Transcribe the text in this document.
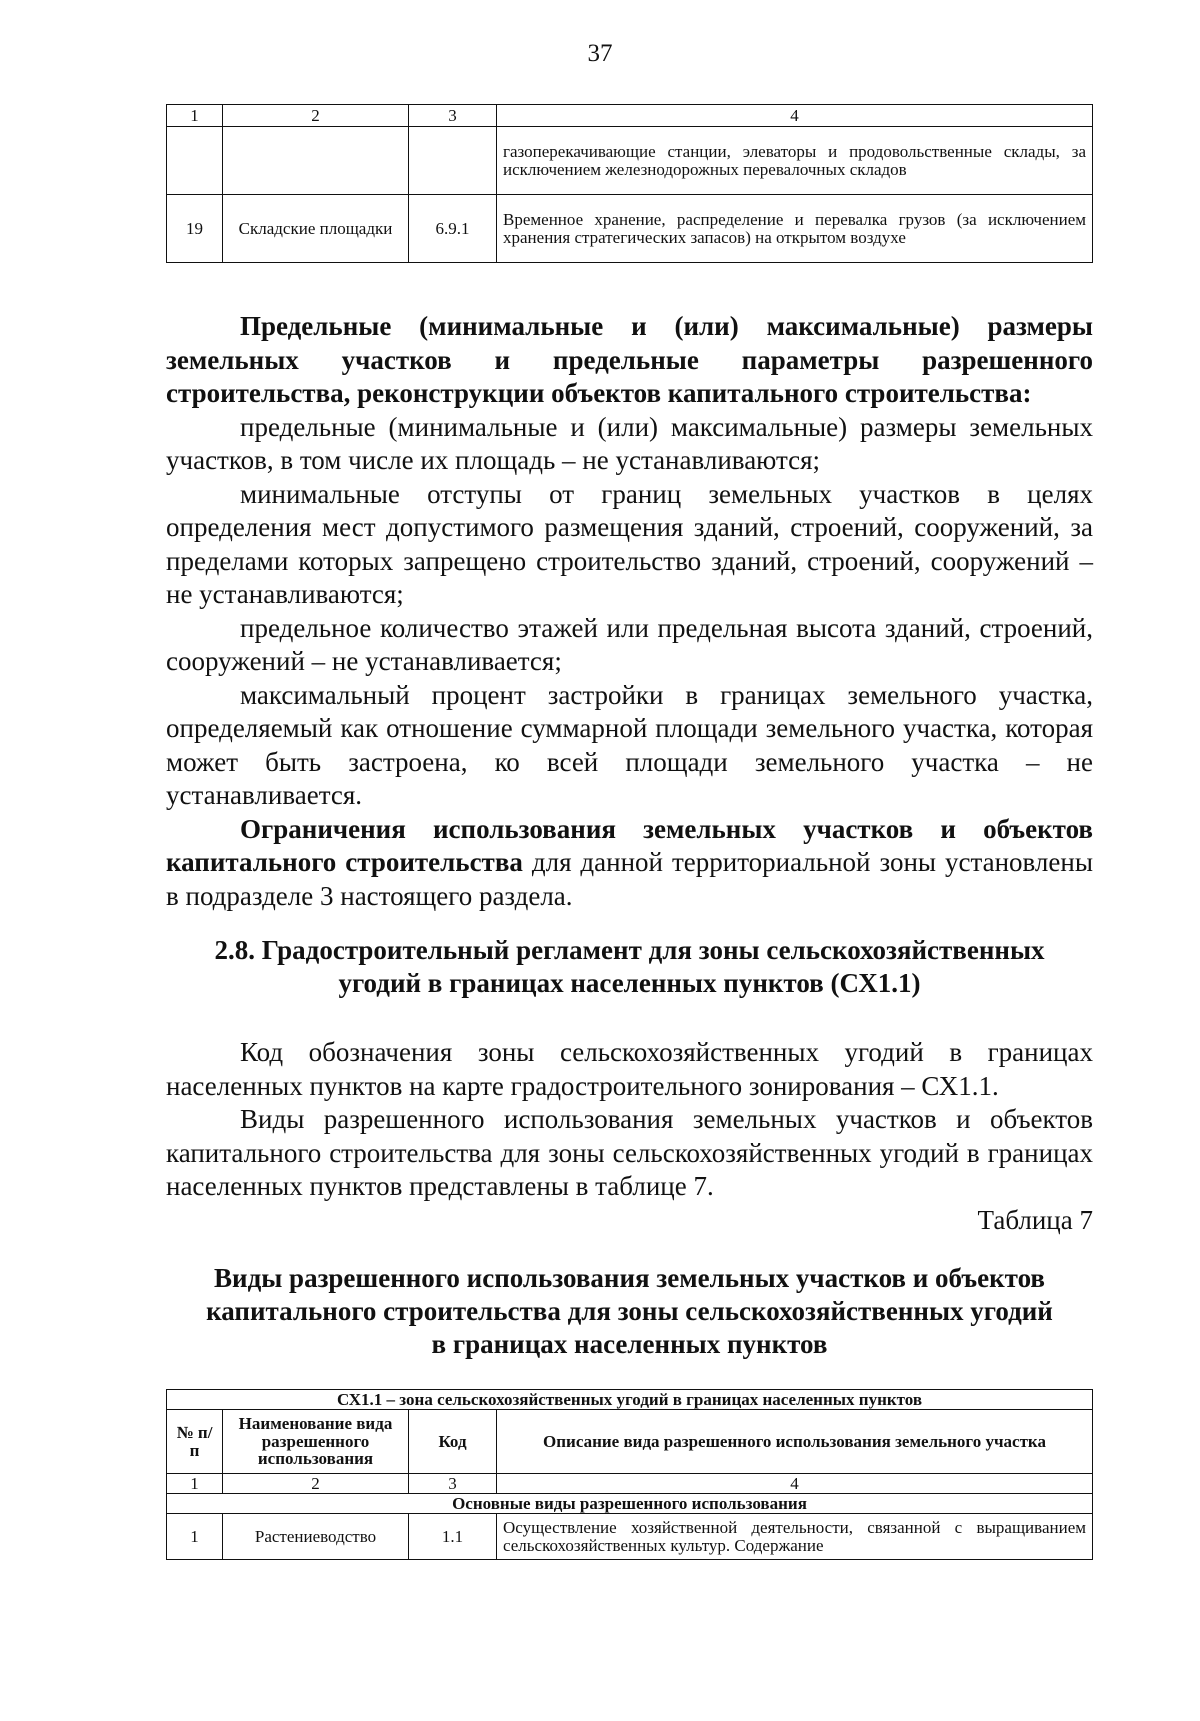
37
1	2	3	4
			газоперекачивающие станции, элеваторы и продовольственные склады, за исключением железнодорожных перевалочных складов
19	Складские площадки	6.9.1	Временное хранение, распределение и перевалка грузов (за исключением хранения стратегических запасов) на открытом воздухе

Предельные (минимальные и (или) максимальные) размеры земельных участков и предельные параметры разрешенного строительства, реконструкции объектов капитального строительства:

предельные (минимальные и (или) максимальные) размеры земельных участков, в том числе их площадь – не устанавливаются;

минимальные отступы от границ земельных участков в целях определения мест допустимого размещения зданий, строений, сооружений, за пределами которых запрещено строительство зданий, строений, сооружений – не устанавливаются;

предельное количество этажей или предельная высота зданий, строений, сооружений – не устанавливается;

максимальный процент застройки в границах земельного участка, определяемый как отношение суммарной площади земельного участка, которая может быть застроена, ко всей площади земельного участка – не устанавливается.

Ограничения использования земельных участков и объектов капитального строительства для данной территориальной зоны установлены в подразделе 3 настоящего раздела.

2.8. Градостроительный регламент для зоны сельскохозяйственных
угодий в границах населенных пунктов (СХ1.1)

Код обозначения зоны сельскохозяйственных угодий в границах населенных пунктов на карте градостроительного зонирования – СХ1.1.

Виды разрешенного использования земельных участков и объектов капитального строительства для зоны сельскохозяйственных угодий в границах населенных пунктов представлены в таблице 7.

Таблица 7

Виды разрешенного использования земельных участков и объектов
капитального строительства для зоны сельскохозяйственных угодий
в границах населенных пунктов
СХ1.1 – зона сельскохозяйственных угодий в границах населенных пунктов			
№ п/п	Наименование вида разрешенного использования	Код	Описание вида разрешенного использования земельного участка
1	2	3	4
Основные виды разрешенного использования			
1	Растениеводство	1.1	Осуществление хозяйственной деятельности, связанной с выращиванием сельскохозяйственных культур. Содержание
